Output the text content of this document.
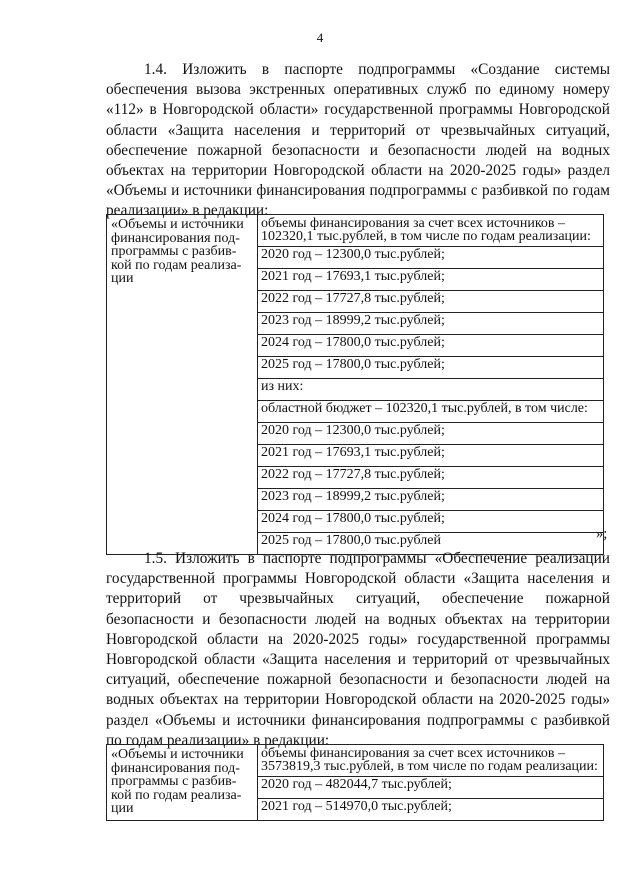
4

1.4. Изложить в паспорте подпрограммы «Создание системы обеспечения вызова экстренных оперативных служб по единому номеру «112» в Новгородской области» государственной программы Новгородской области «Защита населения и территорий от чрезвычайных ситуаций, обеспечение пожарной безопасности и безопасности людей на водных объектах на территории Новгородской области на 2020-2025 годы» раздел «Объемы и источники финансирования подпрограммы с разбивкой по годам реализации» в редакции:

«Объемы и источники финансирования под-программы с разбив-кой по годам реализа-ции	объемы финансирования за счет всех источников – 102320,1 тыс.рублей, в том числе по годам реализации:
2020 год – 12300,0 тыс.рублей;
2021 год – 17693,1 тыс.рублей;
2022 год – 17727,8 тыс.рублей;
2023 год – 18999,2 тыс.рублей;
2024 год – 17800,0 тыс.рублей;
2025 год – 17800,0 тыс.рублей;
из них:
областной бюджет – 102320,1 тыс.рублей, в том числе:
2020 год – 12300,0 тыс.рублей;
2021 год – 17693,1 тыс.рублей;
2022 год – 17727,8 тыс.рублей;
2023 год – 18999,2 тыс.рублей;
2024 год – 17800,0 тыс.рублей;
2025 год – 17800,0 тыс.рублей	»;

1.5. Изложить в паспорте подпрограммы «Обеспечение реализации государственной программы Новгородской области «Защита населения и территорий от чрезвычайных ситуаций, обеспечение пожарной безопасности и безопасности людей на водных объектах на территории Новгородской области на 2020-2025 годы» государственной программы Новгородской области «Защита населения и территорий от чрезвычайных ситуаций, обеспечение пожарной безопасности и безопасности людей на водных объектах на территории Новгородской области на 2020-2025 годы» раздел «Объемы и источники финансирования подпрограммы с разбивкой по годам реализации» в редакции:

«Объемы и источники финансирования под-программы с разбив-кой по годам реализа-ции	объемы финансирования за счет всех источников – 3573819,3 тыс.рублей, в том числе по годам реализации:
2020 год – 482044,7 тыс.рублей;
2021 год – 514970,0 тыс.рублей;
